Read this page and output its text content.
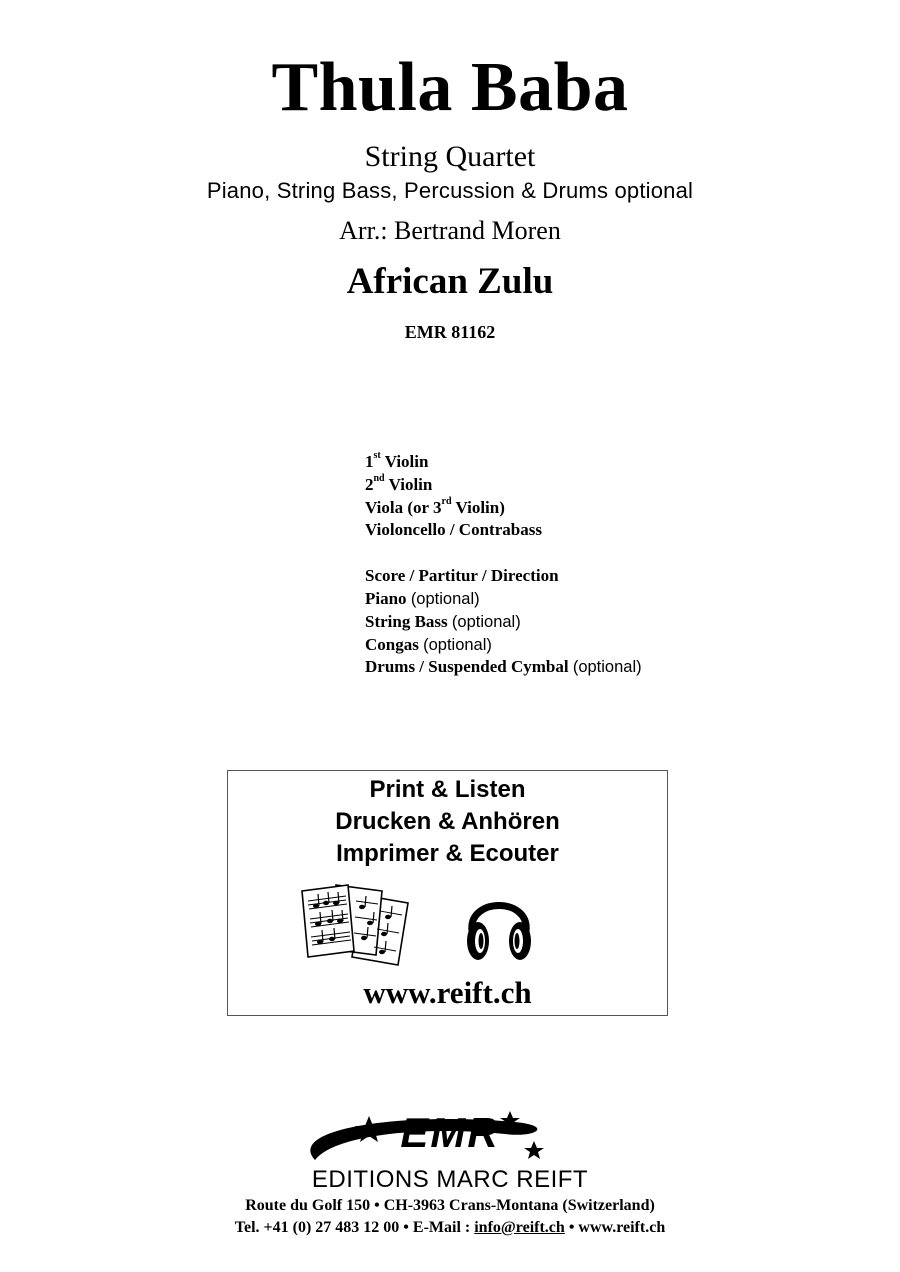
Thula Baba
String Quartet
Piano, String Bass, Percussion & Drums optional
Arr.: Bertrand Moren
African Zulu
EMR 81162
1st Violin
2nd Violin
Viola (or 3rd Violin)
Violoncello / Contrabass
Score / Partitur / Direction
Piano (optional)
String Bass (optional)
Congas (optional)
Drums / Suspended Cymbal (optional)
Print & Listen
Drucken & Anhören
Imprimer & Ecouter
www.reift.ch
EMR
EDITIONS MARC REIFT
Route du Golf 150 • CH-3963 Crans-Montana (Switzerland)
Tel. +41 (0) 27 483 12 00 • E-Mail : info@reift.ch • www.reift.ch
